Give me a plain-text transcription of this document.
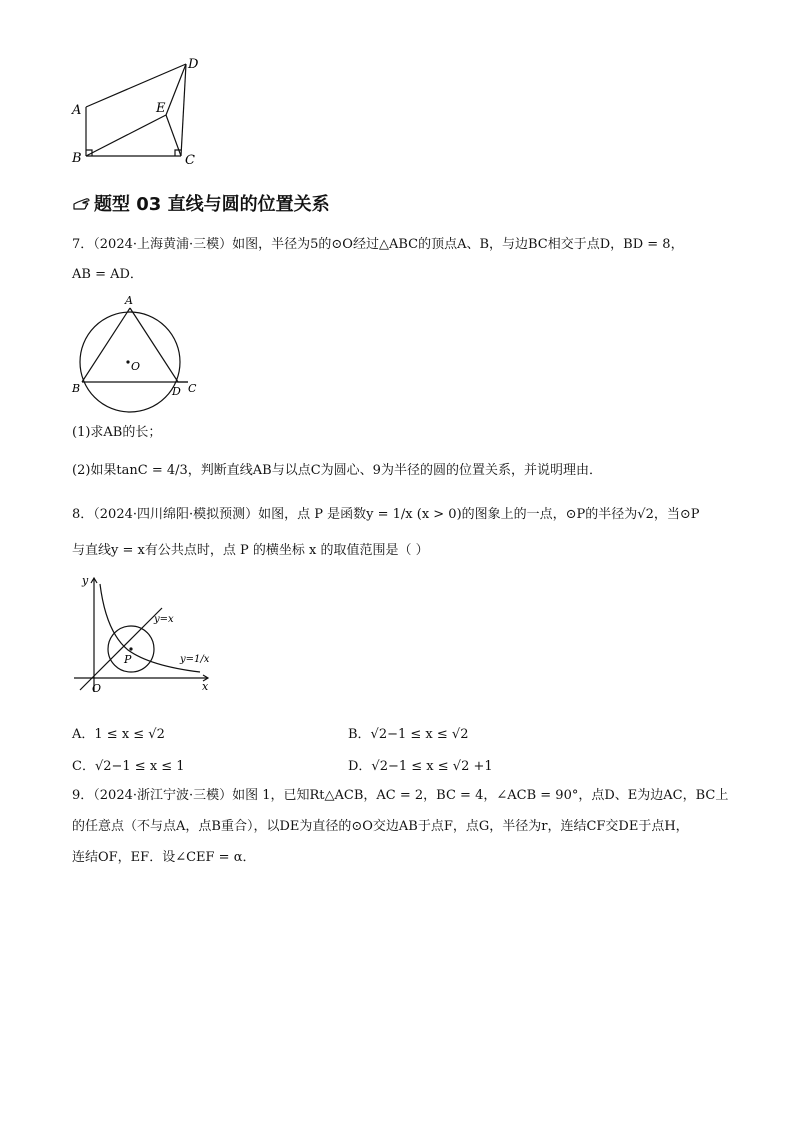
D
A	E
B	C
题型 03 直线与圆的位置关系
7．（2024·上海黄浦·三模）如图，半径为5的⊙O经过△ABC的顶点A、B，与边BC相交于点D，BD = 8，
AB = AD．
A
O
B	D C
(1)求AB的长；
(2)如果tanC = 4/3，判断直线AB与以点C为圆心、9为半径的圆的位置关系，并说明理由．
8．（2024·四川绵阳·模拟预测）如图，点 P 是函数y = 1/x (x > 0)的图象上的一点，⊙P的半径为√2，当⊙P
与直线y = x有公共点时，点 P 的横坐标 x 的取值范围是（ ）
y
x
O
P
y=x
y=1/x
A．1 ≤ x ≤ √2	B．√2−1 ≤ x ≤ √2
C．√2−1 ≤ x ≤ 1	D．√2−1 ≤ x ≤ √2 +1
9．（2024·浙江宁波·三模）如图 1，已知Rt△ACB，AC = 2，BC = 4，∠ACB = 90°，点D、E为边AC，BC上
的任意点（不与点A，点B重合），以DE为直径的⊙O交边AB于点F，点G，半径为r，连结CF交DE于点H，
连结OF，EF．设∠CEF = α．
